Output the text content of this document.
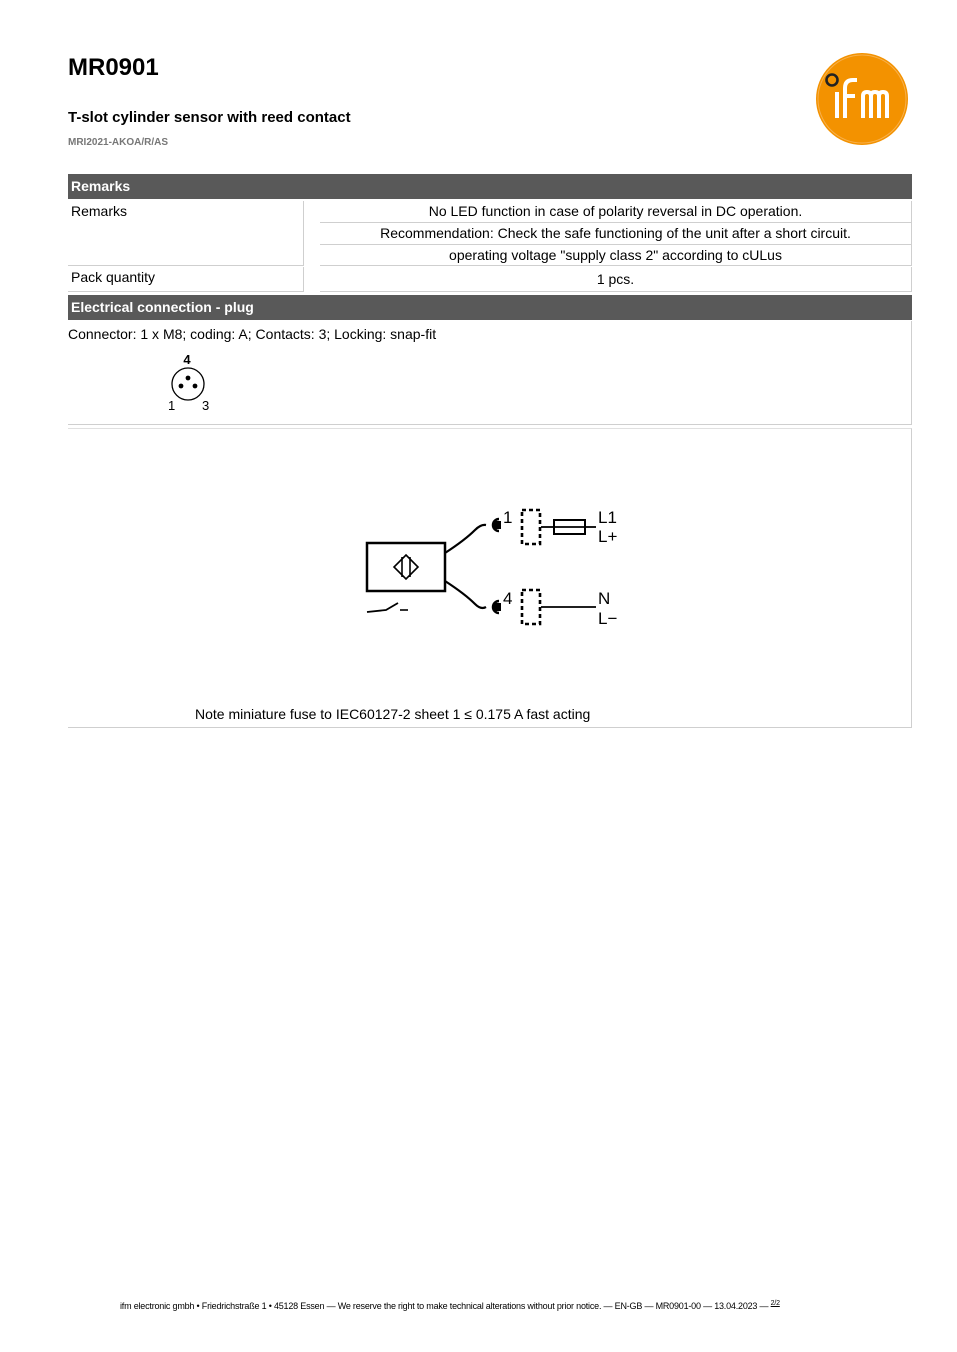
MR0901
T-slot cylinder sensor with reed contact
MRI2021-AKOA/R/AS
Remarks
Remarks	No LED function in case of polarity reversal in DC operation.
Recommendation: Check the safe functioning of the unit after a short circuit.
operating voltage "supply class 2" according to cULus
Pack quantity	1 pcs.
Electrical connection - plug
Connector: 1 x M8; coding: A; Contacts: 3; Locking: snap-fit
4
1 3
1
4
L1
L+
N
L−
Note miniature fuse to IEC60127-2 sheet 1 ≤ 0.175 A fast acting
ifm electronic gmbh • Friedrichstraße 1 • 45128 Essen — We reserve the right to make technical alterations without prior notice. — EN-GB — MR0901-00 — 13.04.2023 — $^{2/2}$
